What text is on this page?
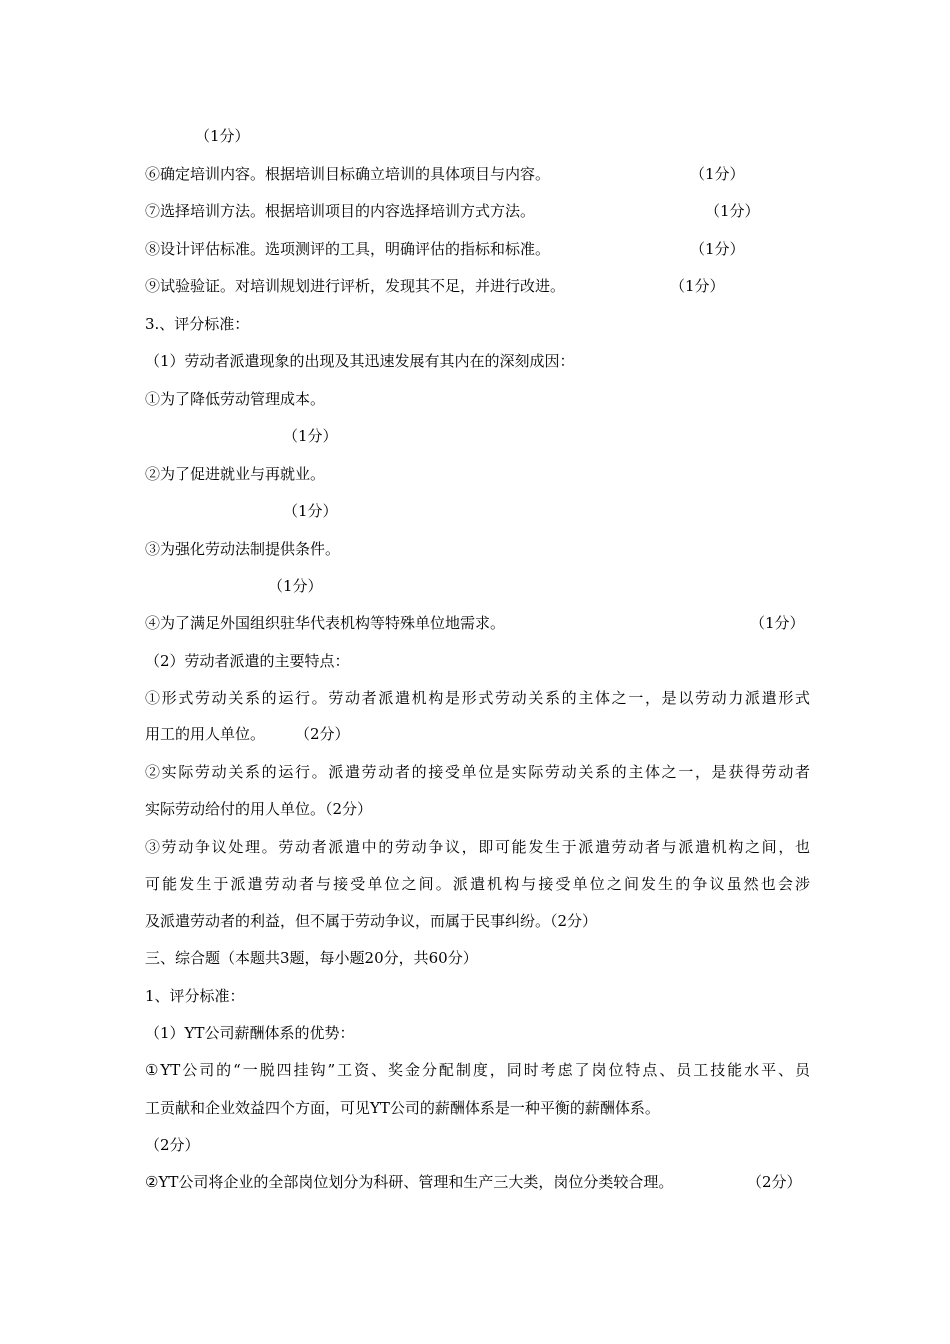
（1分）
⑥确定培训内容。根据培训目标确立培训的具体项目与内容。	（1分）
⑦选择培训方法。根据培训项目的内容选择培训方式方法。	（1分）
⑧设计评估标准。选项测评的工具，明确评估的指标和标准。	（1分）
⑨试验验证。对培训规划进行评析，发现其不足，并进行改进。	（1分）
3.、评分标准：
（1）劳动者派遣现象的出现及其迅速发展有其内在的深刻成因：
①为了降低劳动管理成本。
（1分）
②为了促进就业与再就业。
（1分）
③为强化劳动法制提供条件。
（1分）
④为了满足外国组织驻华代表机构等特殊单位地需求。	（1分）
（2）劳动者派遣的主要特点：
①形式劳动关系的运行。劳动者派遣机构是形式劳动关系的主体之一，是以劳动力派遣形式
用工的用人单位。 （2分）
②实际劳动关系的运行。派遣劳动者的接受单位是实际劳动关系的主体之一，是获得劳动者
实际劳动给付的用人单位。（2分）
③劳动争议处理。劳动者派遣中的劳动争议，即可能发生于派遣劳动者与派遣机构之间，也
可能发生于派遣劳动者与接受单位之间。派遣机构与接受单位之间发生的争议虽然也会涉
及派遣劳动者的利益，但不属于劳动争议，而属于民事纠纷。（2分）
三、综合题（本题共3题，每小题20分，共60分）
1、评分标准：
（1）YT公司薪酬体系的优势：
①YT公司的“一脱四挂钩”工资、奖金分配制度，同时考虑了岗位特点、员工技能水平、员
工贡献和企业效益四个方面，可见YT公司的薪酬体系是一种平衡的薪酬体系。
（2分）
②YT公司将企业的全部岗位划分为科研、管理和生产三大类，岗位分类较合理。	（2分）
